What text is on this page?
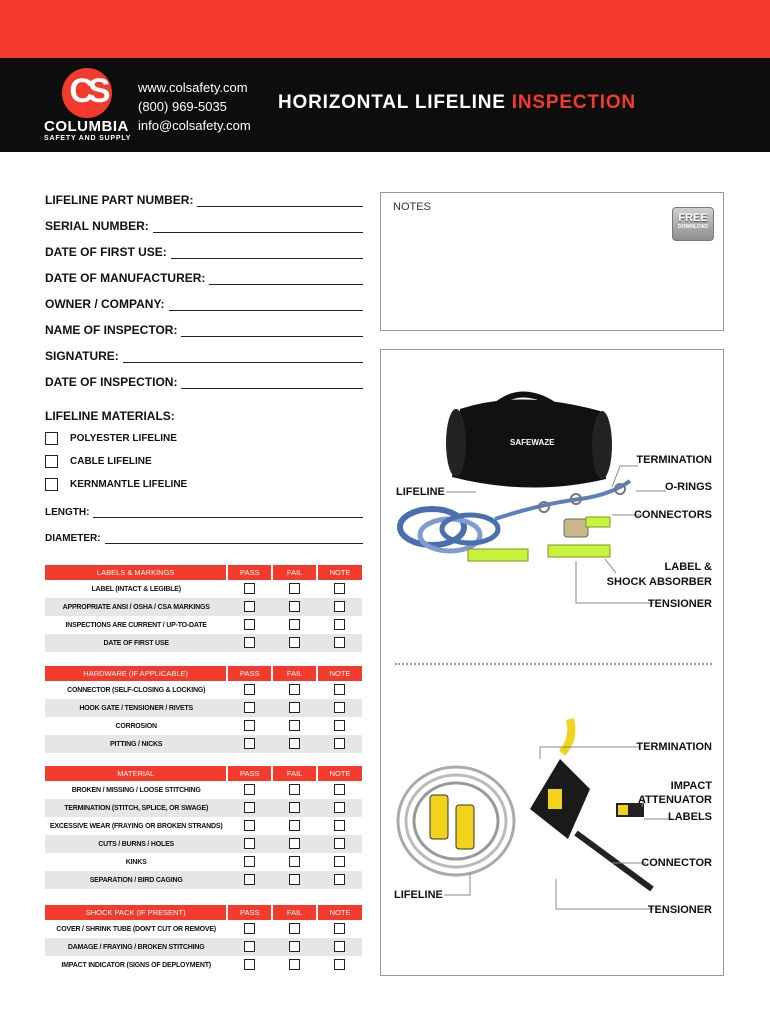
CS
COLUMBIA
SAFETY AND SUPPLY
www.colsafety.com
(800) 969-5035
info@colsafety.com
HORIZONTAL LIFELINE INSPECTION
LIFELINE PART NUMBER:
SERIAL NUMBER:
DATE OF FIRST USE:
DATE OF MANUFACTURER:
OWNER / COMPANY:
NAME OF INSPECTOR:
SIGNATURE:
DATE OF INSPECTION:
NOTES
FREE
DOWNLOAD
LIFELINE MATERIALS:
POLYESTER LIFELINE
CABLE LIFELINE
KERNMANTLE LIFELINE
LENGTH:
DIAMETER:
LABELS & MARKINGS	PASS	FAIL	NOTE
LABEL (INTACT & LEGIBLE)			
APPROPRIATE ANSI / OSHA / CSA MARKINGS			
INSPECTIONS ARE CURRENT / UP-TO-DATE			
DATE OF FIRST USE			
HARDWARE (IF APPLICABLE)	PASS	FAIL	NOTE
CONNECTOR (SELF-CLOSING & LOCKING)			
HOOK GATE / TENSIONER / RIVETS			
CORROSION			
PITTING / NICKS			
MATERIAL	PASS	FAIL	NOTE
BROKEN / MISSING / LOOSE STITCHING			
TERMINATION (STITCH, SPLICE, OR SWAGE)			
EXCESSIVE WEAR (FRAYING OR BROKEN STRANDS)			
CUTS / BURNS / HOLES			
KINKS			
SEPARATION / BIRD CAGING			
SHOCK PACK (IF PRESENT)	PASS	FAIL	NOTE
COVER / SHRINK TUBE (DON'T CUT OR REMOVE)			
DAMAGE / FRAYING / BROKEN STITCHING			
IMPACT INDICATOR (SIGNS OF DEPLOYMENT)			
SAFEWAZE
TERMINATION
O-RINGS
LIFELINE
CONNECTORS
LABEL &
SHOCK ABSORBER
TENSIONER
TERMINATION
IMPACT
ATTENUATOR
LABELS
CONNECTOR
LIFELINE
TENSIONER
